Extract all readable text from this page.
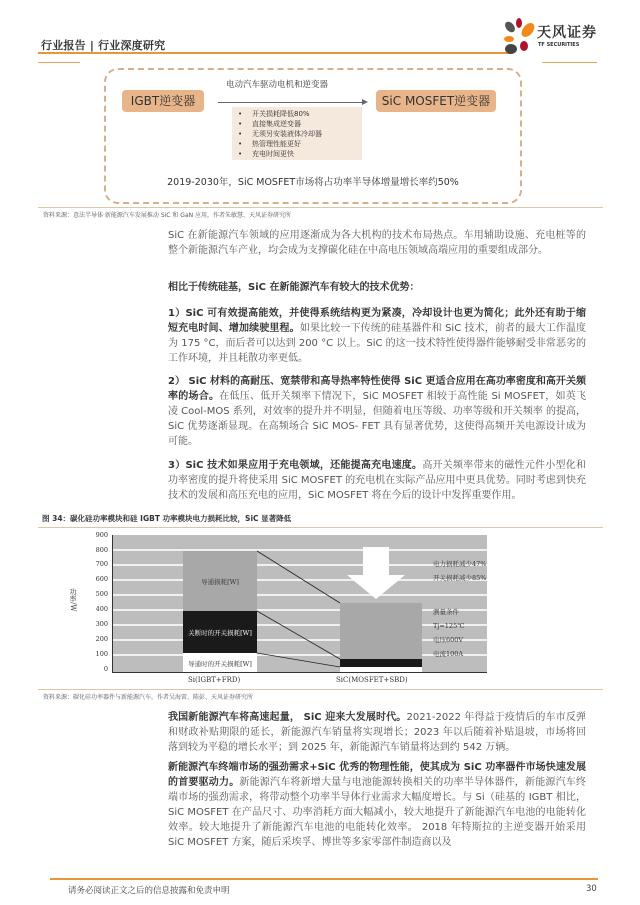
行业报告 | 行业深度研究
天风证券
TF SECURITIES
IGBT逆变器
电动汽车驱动电机和逆变器
SiC MOSFET逆变器
• 开关损耗降低80%
• 直接集成逆变器
• 无须另安装液体冷却器
• 热管理性能更好
• 充电时间更快
2019-2030年，SiC MOSFET市场将占功率半导体增量增长率约50%
资料来源：意法半导体·新能源汽车发展推动 SiC 和 GaN 应用，作者朱敏慧、天风证券研究所
SiC 在新能源汽车领域的应用逐渐成为各大机构的技术布局热点。车用辅助设施、充电桩等的整个新能源汽车产业，均会成为支撑碳化硅在中高电压领域高端应用的重要组成部分。
相比于传统硅基，SiC 在新能源汽车有较大的技术优势：
1）SiC 可有效提高能效，并使得系统结构更为紧凑，冷却设计也更为简化；此外还有助于缩短充电时间、增加续驶里程。如果比较一下传统的硅基器件和 SiC 技术，前者的最大工作温度为 175 °C，而后者可以达到 200 °C 以上。SiC 的这一技术特性使得器件能够耐受非常恶劣的工作环境，并且耗散功率更低。
2） SiC 材料的高耐压、宽禁带和高导热率特性使得 SiC 更适合应用在高功率密度和高开关频率的场合。在低压、低开关频率下情况下，SiC MOSFET 相较于高性能 Si MOSFET，如英飞凌 Cool-MOS 系列，对效率的提升并不明显，但随着电压等级、功率等级和开关频率 的提高，SiC 优势逐渐显现。在高频场合 SiC MOS- FET 具有显著优势，这使得高频开关电源设计成为可能。
3）SiC 技术如果应用于充电领域，还能提高充电速度。高开关频率带来的磁性元件小型化和功率密度的提升将使采用 SiC MOSFET 的充电机在实际产品应用中更具优势。同时考虑到快充技术的发展和高压充电的应用，SiC MOSFET 将在今后的设计中发挥重要作用。
图 34：碳化硅功率模块和硅 IGBT 功率模块电力损耗比较，SiC 显著降低
功率/W
900
800
700
600
500
400
300
200
100
0
导通损耗[W]
关断时的开关损耗[W]
导通时的开关损耗[W]
电力损耗减少47%
开关损耗减少85%
测量条件
Tj=125℃
电压600V
电流100A
Si(IGBT+FRD)	SiC(MOSFET+SBD)
资料来源：碳化硅功率器件与新能源汽车，作者吴海雷、陈彭、天风证券研究所
我国新能源汽车将高速起量， SiC 迎来大发展时代。2021-2022 年得益于疫情后的车市反弹和财政补贴期限的延长，新能源汽车销量将实现增长；2023 年以后随着补贴退坡，市场将回落到较为平稳的增长水平；到 2025 年，新能源汽车销量将达到约 542 万辆。
新能源汽车终端市场的强劲需求+SiC 优秀的物理性能，使其成为 SiC 功率器件市场快速发展的首要驱动力。新能源汽车将新增大量与电池能源转换相关的功率半导体器件，新能源汽车终端市场的强劲需求，将带动整个功率半导体行业需求大幅度增长。与 Si（硅基的 IGBT 相比， SiC MOSFET 在产品尺寸、功率消耗方面大幅减小，较大地提升了新能源汽车电池的电能转化效率。较大地提升了新能源汽车电池的电能转化效率。 2018 年特斯拉的主逆变器开始采用 SiC MOSFET 方案，随后采埃孚、博世等多家零部件制造商以及
请务必阅读正文之后的信息披露和免责申明	30
